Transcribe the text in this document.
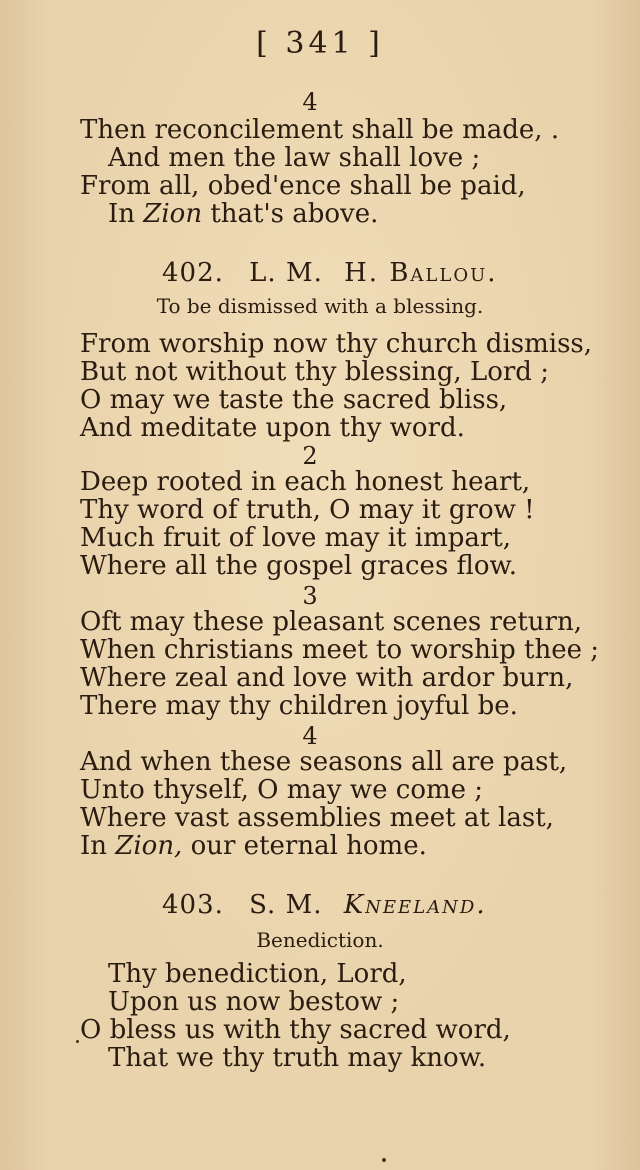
[ 341 ]
4
Then reconcilement shall be made, .
And men the law shall love ;
From all, obed'ence shall be paid,
In Zion that's above.
402. L. M. H. Ballou.
To be dismissed with a blessing.
From worship now thy church dismiss,
But not without thy blessing, Lord ;
O may we taste the sacred bliss,
And meditate upon thy word.
2
Deep rooted in each honest heart,
Thy word of truth, O may it grow !
Much fruit of love may it impart,
Where all the gospel graces flow.
3
Oft may these pleasant scenes return,
When christians meet to worship thee ;
Where zeal and love with ardor burn,
There may thy children joyful be.
4
And when these seasons all are past,
Unto thyself, O may we come ;
Where vast assemblies meet at last,
In Zion, our eternal home.
403. S. M. Kneeland.
Benediction.
Thy benediction, Lord,
Upon us now bestow ;
O bless us with thy sacred word,
That we thy truth may know.
